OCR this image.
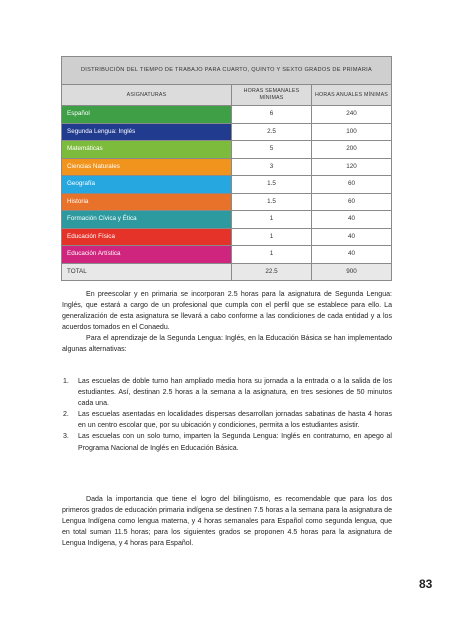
DISTRIBUCIÓN DEL TIEMPO DE TRABAJO PARA CUARTO, QUINTO Y SEXTO GRADOS DE PRIMARIA		
ASIGNATURAS	HORAS SEMANALES MÍNIMAS	HORAS ANUALES MÍNIMAS
Español	6	240
Segunda Lengua: Inglés	2.5	100
Matemáticas	5	200
Ciencias Naturales	3	120
Geografía	1.5	60
Historia	1.5	60
Formación Cívica y Ética	1	40
Educación Física	1	40
Educación Artística	1	40
TOTAL	22.5	900

En preescolar y en primaria se incorporan 2.5 horas para la asignatura de Segunda Lengua: Inglés, que estará a cargo de un profesional que cumpla con el perfil que se establece para ello. La generalización de esta asignatura se llevará a cabo conforme a las condiciones de cada entidad y a los acuerdos tomados en el Conaedu.

Para el aprendizaje de la Segunda Lengua: Inglés, en la Educación Básica se han implementado algunas alternativas:

1. Las escuelas de doble turno han ampliado media hora su jornada a la entrada o a la salida de los estudiantes. Así, destinan 2.5 horas a la semana a la asignatura, en tres sesiones de 50 minutos cada una.
2. Las escuelas asentadas en localidades dispersas desarrollan jornadas sabatinas de hasta 4 horas en un centro escolar que, por su ubicación y condiciones, permita a los estudiantes asistir.
3. Las escuelas con un solo turno, imparten la Segunda Lengua: Inglés en contraturno, en apego al Programa Nacional de Inglés en Educación Básica.

Dada la importancia que tiene el logro del bilingüismo, es recomendable que para los dos primeros grados de educación primaria indígena se destinen 7.5 horas a la semana para la asignatura de Lengua Indígena como lengua materna, y 4 horas semanales para Español como segunda lengua, que en total suman 11.5 horas; para los siguientes grados se proponen 4.5 horas para la asignatura de Lengua Indígena, y 4 horas para Español.

83
